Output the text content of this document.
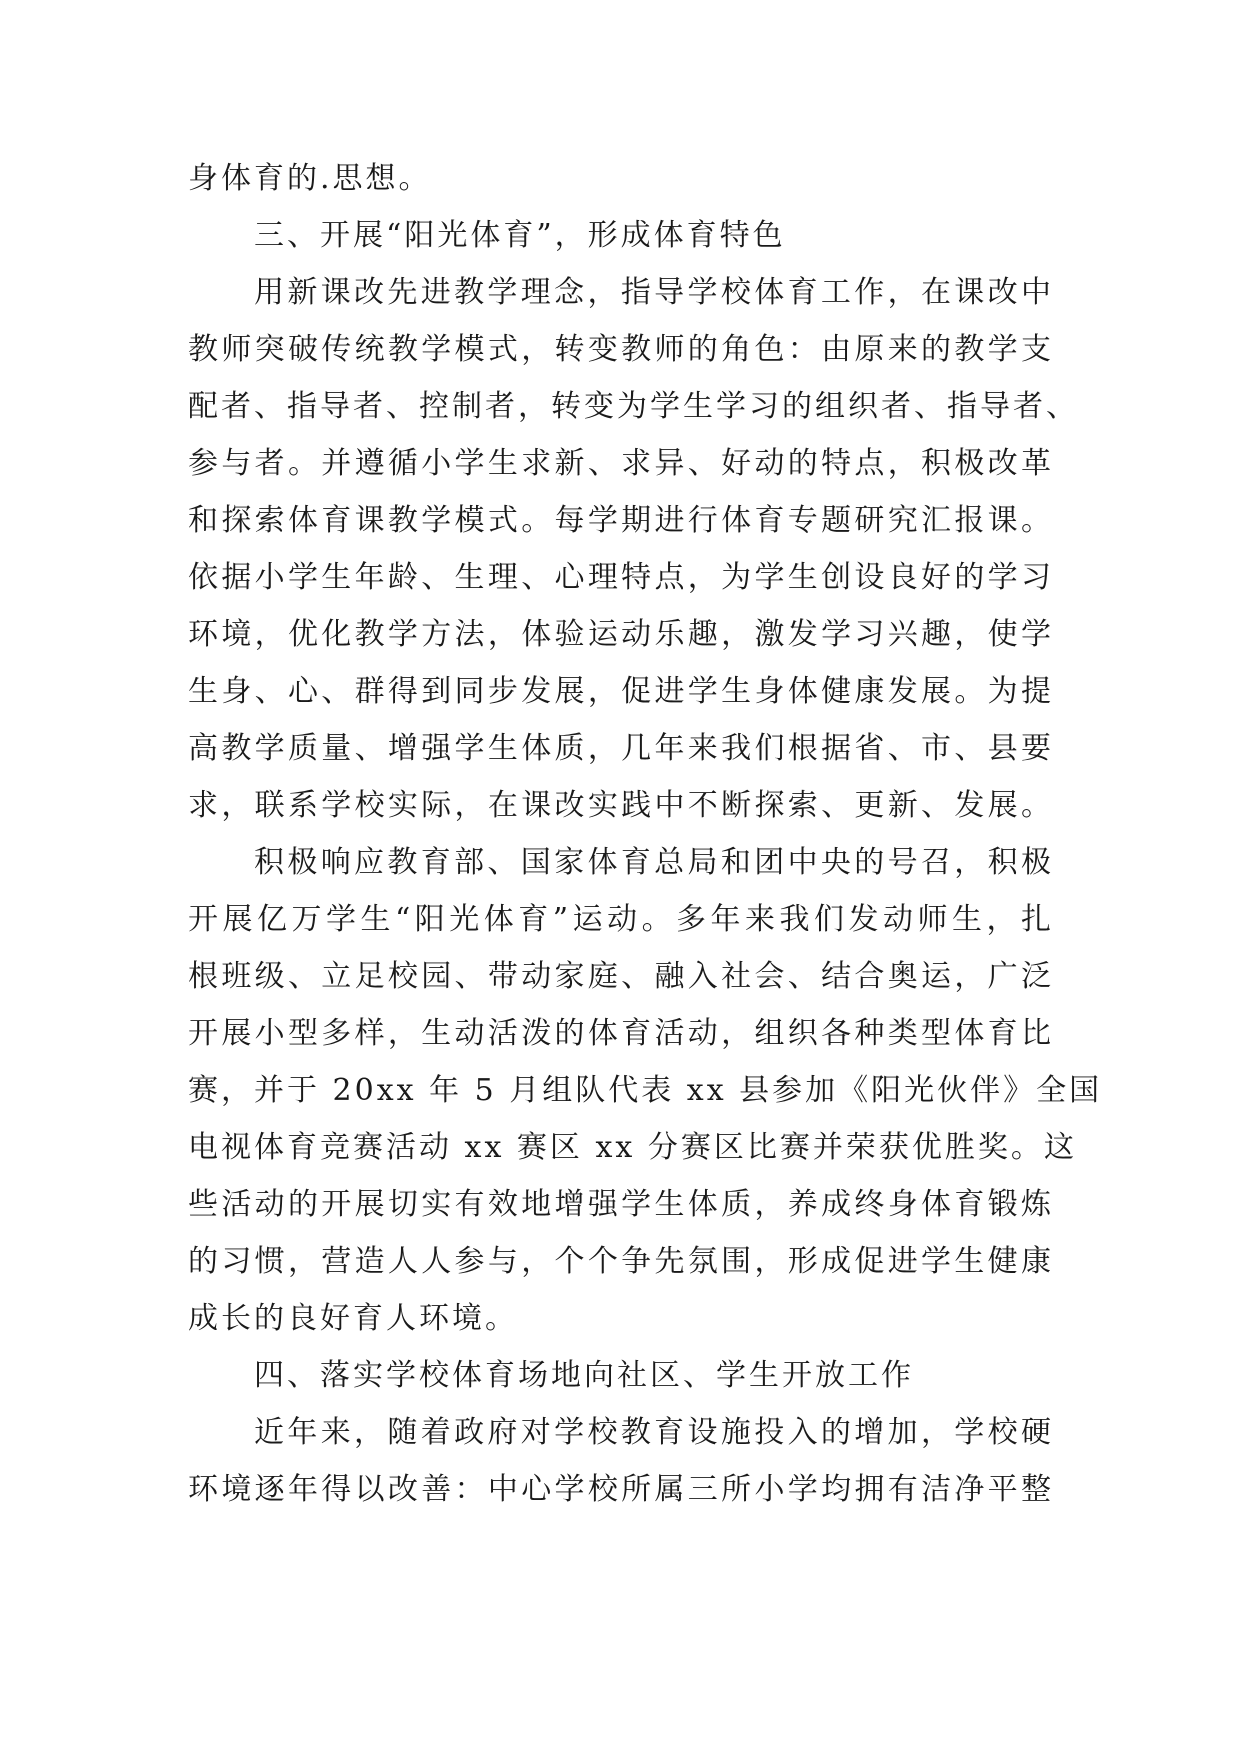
身体育的.思想。
三、开展“阳光体育”，形成体育特色
用新课改先进教学理念，指导学校体育工作，在课改中
教师突破传统教学模式，转变教师的角色：由原来的教学支
配者、指导者、控制者，转变为学生学习的组织者、指导者、
参与者。并遵循小学生求新、求异、好动的特点，积极改革
和探索体育课教学模式。每学期进行体育专题研究汇报课。
依据小学生年龄、生理、心理特点，为学生创设良好的学习
环境，优化教学方法，体验运动乐趣，激发学习兴趣，使学
生身、心、群得到同步发展，促进学生身体健康发展。为提
高教学质量、增强学生体质，几年来我们根据省、市、县要
求，联系学校实际，在课改实践中不断探索、更新、发展。
积极响应教育部、国家体育总局和团中央的号召，积极
开展亿万学生“阳光体育”运动。多年来我们发动师生，扎
根班级、立足校园、带动家庭、融入社会、结合奥运，广泛
开展小型多样，生动活泼的体育活动，组织各种类型体育比
赛，并于 20xx 年 5 月组队代表 xx 县参加《阳光伙伴》全国
电视体育竞赛活动 xx 赛区 xx 分赛区比赛并荣获优胜奖。这
些活动的开展切实有效地增强学生体质，养成终身体育锻炼
的习惯，营造人人参与，个个争先氛围，形成促进学生健康
成长的良好育人环境。
四、落实学校体育场地向社区、学生开放工作
近年来，随着政府对学校教育设施投入的增加，学校硬
环境逐年得以改善：中心学校所属三所小学均拥有洁净平整
